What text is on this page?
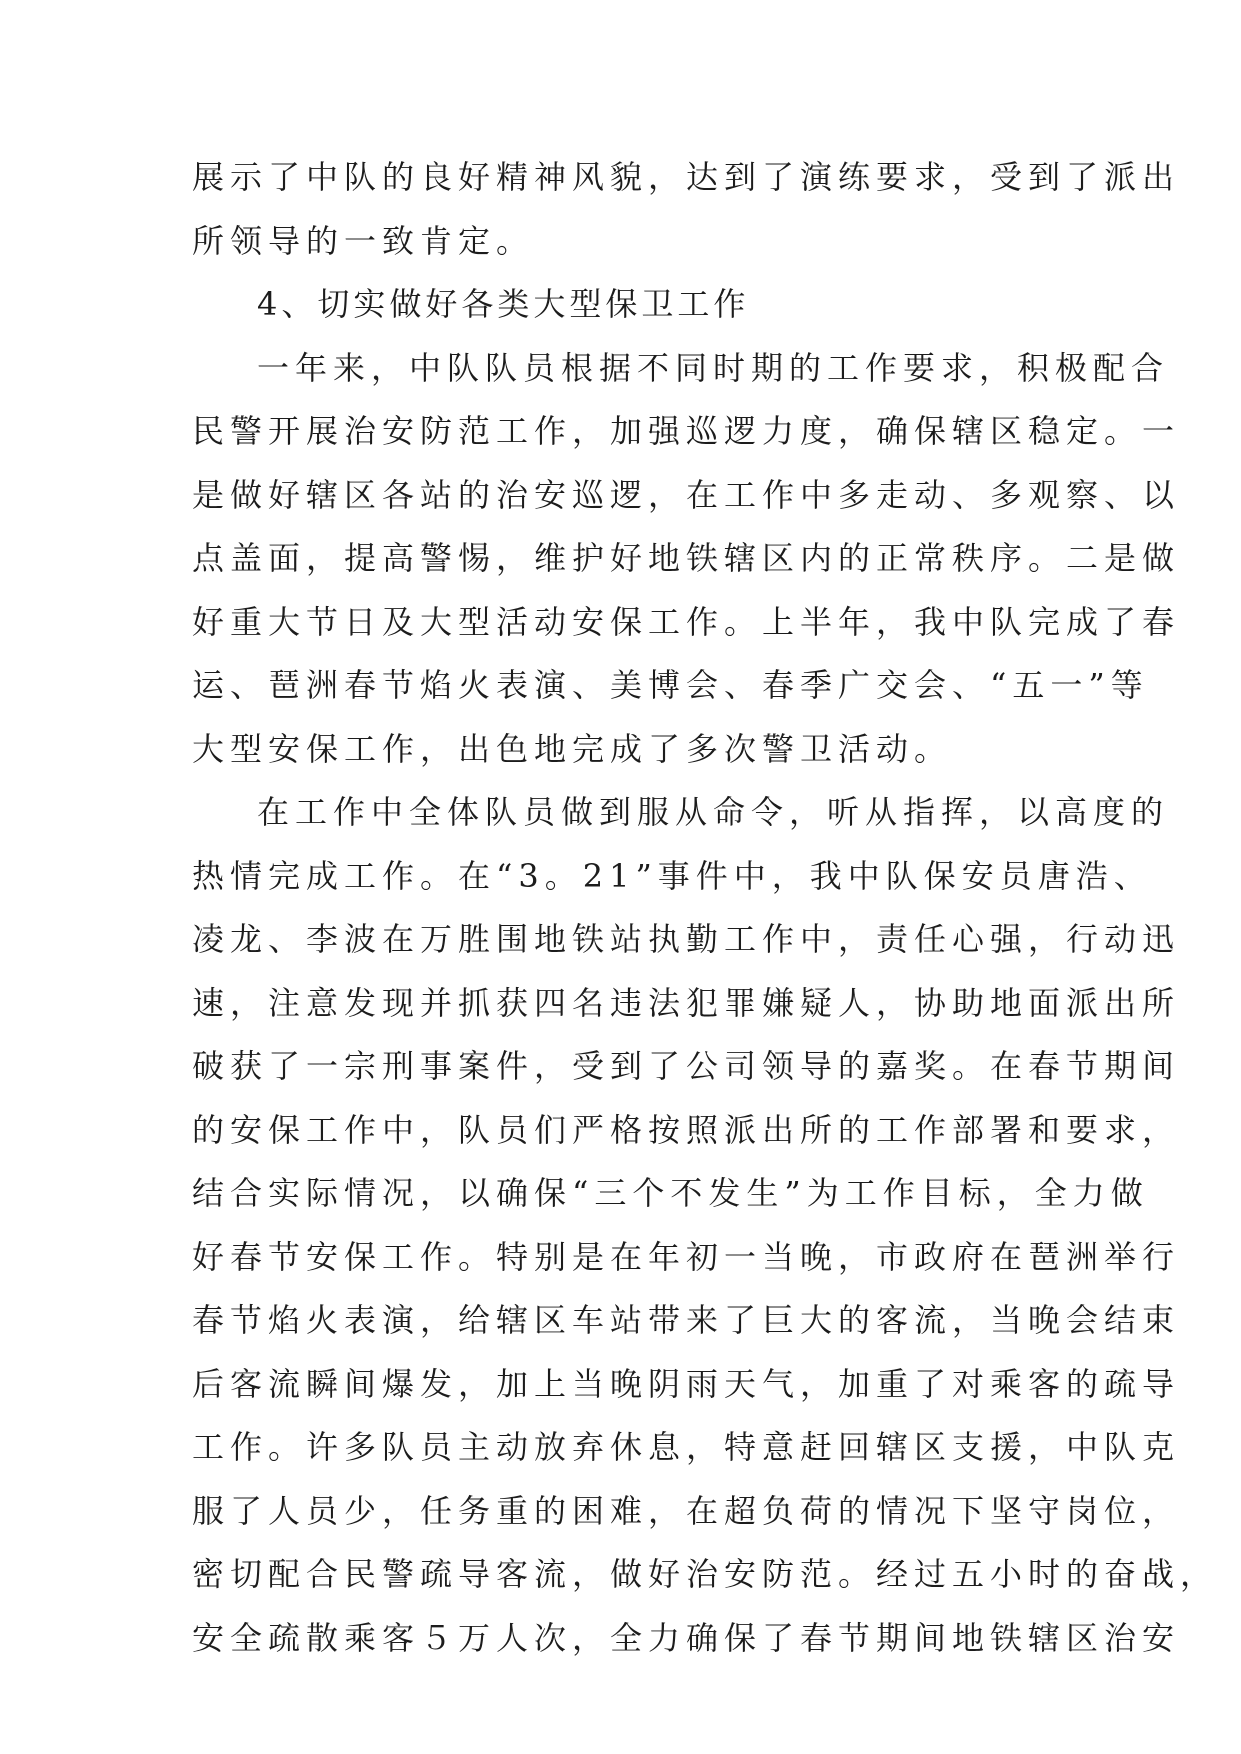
展示了中队的良好精神风貌，达到了演练要求，受到了派出
所领导的一致肯定。
4、切实做好各类大型保卫工作
一年来，中队队员根据不同时期的工作要求，积极配合
民警开展治安防范工作，加强巡逻力度，确保辖区稳定。一
是做好辖区各站的治安巡逻，在工作中多走动、多观察、以
点盖面，提高警惕，维护好地铁辖区内的正常秩序。二是做
好重大节日及大型活动安保工作。上半年，我中队完成了春
运、琶洲春节焰火表演、美博会、春季广交会、“五一”等
大型安保工作，出色地完成了多次警卫活动。
在工作中全体队员做到服从命令，听从指挥，以高度的
热情完成工作。在“3。21”事件中，我中队保安员唐浩、
凌龙、李波在万胜围地铁站执勤工作中，责任心强，行动迅
速，注意发现并抓获四名违法犯罪嫌疑人，协助地面派出所
破获了一宗刑事案件，受到了公司领导的嘉奖。在春节期间
的安保工作中，队员们严格按照派出所的工作部署和要求，
结合实际情况，以确保“三个不发生”为工作目标，全力做
好春节安保工作。特别是在年初一当晚，市政府在琶洲举行
春节焰火表演，给辖区车站带来了巨大的客流，当晚会结束
后客流瞬间爆发，加上当晚阴雨天气，加重了对乘客的疏导
工作。许多队员主动放弃休息，特意赶回辖区支援，中队克
服了人员少，任务重的困难，在超负荷的情况下坚守岗位，
密切配合民警疏导客流，做好治安防范。经过五小时的奋战，
安全疏散乘客５万人次，全力确保了春节期间地铁辖区治安
